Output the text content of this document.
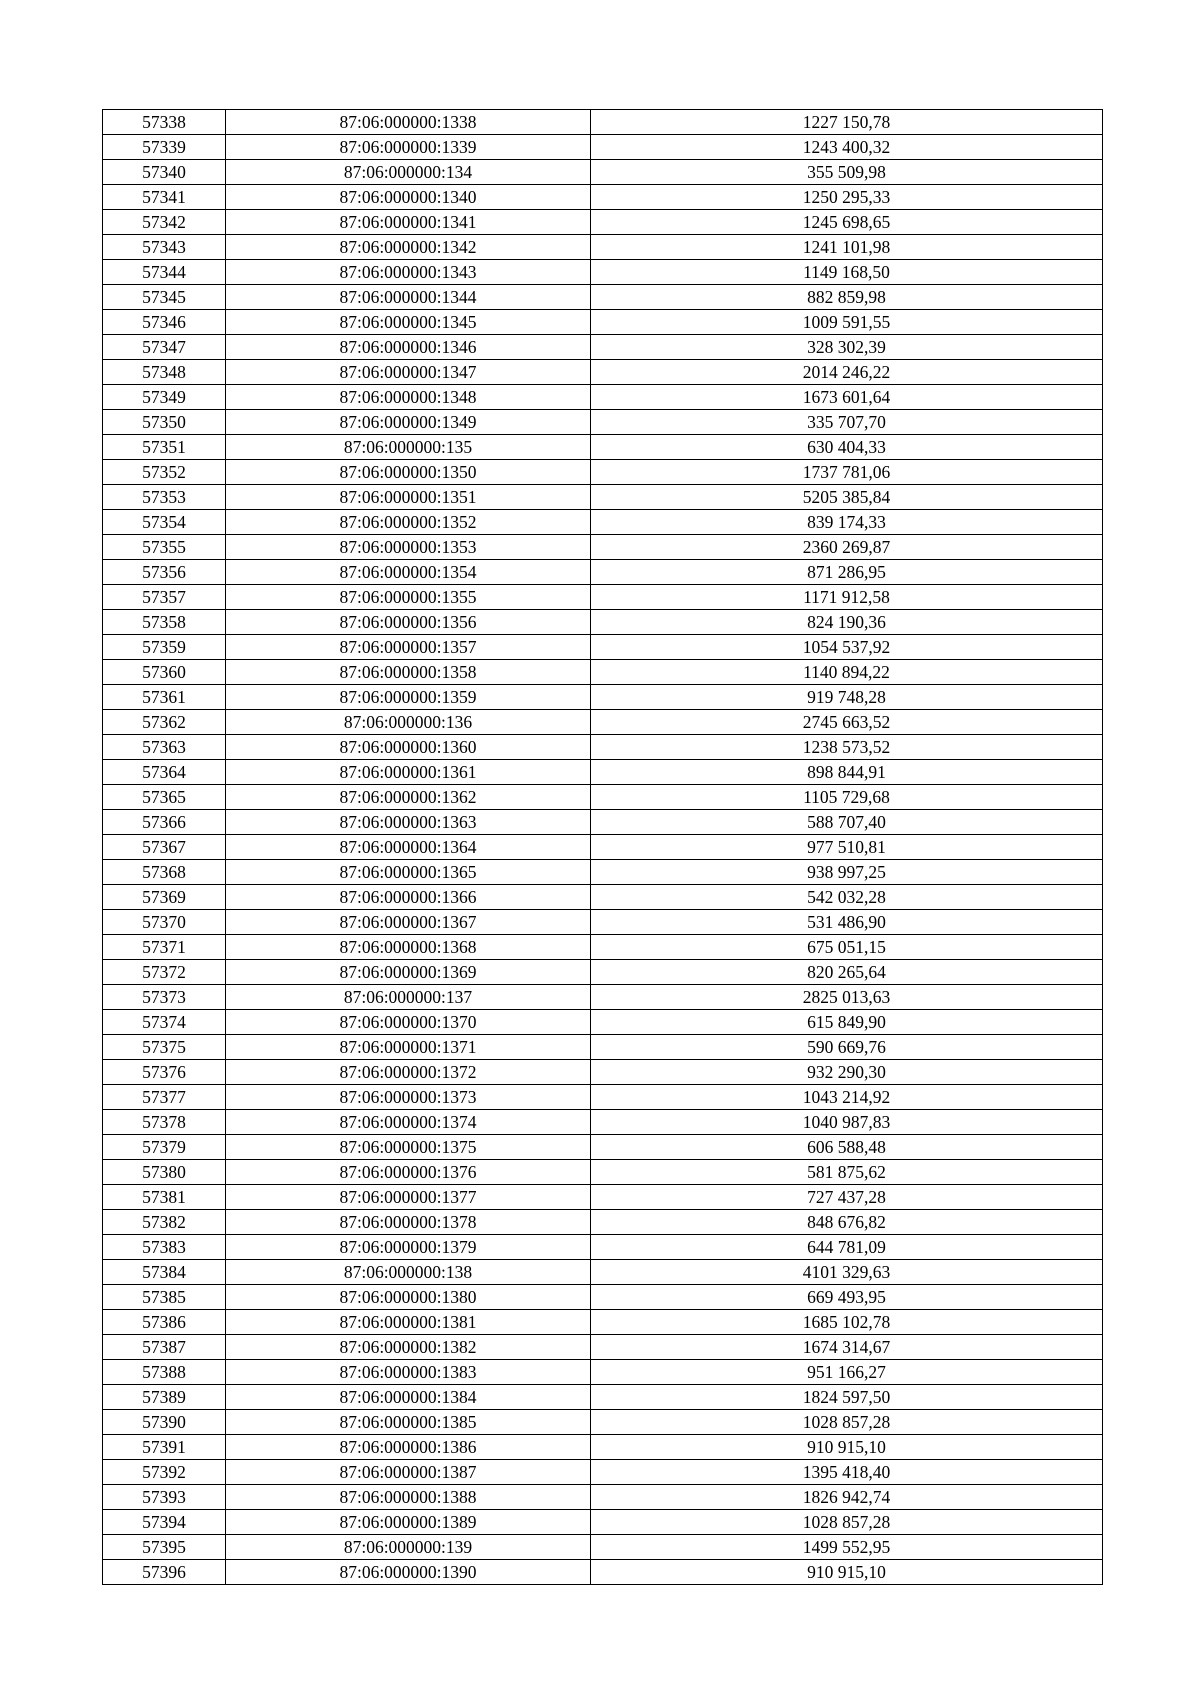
57338	87:06:000000:1338	1227 150,78
57339	87:06:000000:1339	1243 400,32
57340	87:06:000000:134	355 509,98
57341	87:06:000000:1340	1250 295,33
57342	87:06:000000:1341	1245 698,65
57343	87:06:000000:1342	1241 101,98
57344	87:06:000000:1343	1149 168,50
57345	87:06:000000:1344	882 859,98
57346	87:06:000000:1345	1009 591,55
57347	87:06:000000:1346	328 302,39
57348	87:06:000000:1347	2014 246,22
57349	87:06:000000:1348	1673 601,64
57350	87:06:000000:1349	335 707,70
57351	87:06:000000:135	630 404,33
57352	87:06:000000:1350	1737 781,06
57353	87:06:000000:1351	5205 385,84
57354	87:06:000000:1352	839 174,33
57355	87:06:000000:1353	2360 269,87
57356	87:06:000000:1354	871 286,95
57357	87:06:000000:1355	1171 912,58
57358	87:06:000000:1356	824 190,36
57359	87:06:000000:1357	1054 537,92
57360	87:06:000000:1358	1140 894,22
57361	87:06:000000:1359	919 748,28
57362	87:06:000000:136	2745 663,52
57363	87:06:000000:1360	1238 573,52
57364	87:06:000000:1361	898 844,91
57365	87:06:000000:1362	1105 729,68
57366	87:06:000000:1363	588 707,40
57367	87:06:000000:1364	977 510,81
57368	87:06:000000:1365	938 997,25
57369	87:06:000000:1366	542 032,28
57370	87:06:000000:1367	531 486,90
57371	87:06:000000:1368	675 051,15
57372	87:06:000000:1369	820 265,64
57373	87:06:000000:137	2825 013,63
57374	87:06:000000:1370	615 849,90
57375	87:06:000000:1371	590 669,76
57376	87:06:000000:1372	932 290,30
57377	87:06:000000:1373	1043 214,92
57378	87:06:000000:1374	1040 987,83
57379	87:06:000000:1375	606 588,48
57380	87:06:000000:1376	581 875,62
57381	87:06:000000:1377	727 437,28
57382	87:06:000000:1378	848 676,82
57383	87:06:000000:1379	644 781,09
57384	87:06:000000:138	4101 329,63
57385	87:06:000000:1380	669 493,95
57386	87:06:000000:1381	1685 102,78
57387	87:06:000000:1382	1674 314,67
57388	87:06:000000:1383	951 166,27
57389	87:06:000000:1384	1824 597,50
57390	87:06:000000:1385	1028 857,28
57391	87:06:000000:1386	910 915,10
57392	87:06:000000:1387	1395 418,40
57393	87:06:000000:1388	1826 942,74
57394	87:06:000000:1389	1028 857,28
57395	87:06:000000:139	1499 552,95
57396	87:06:000000:1390	910 915,10
